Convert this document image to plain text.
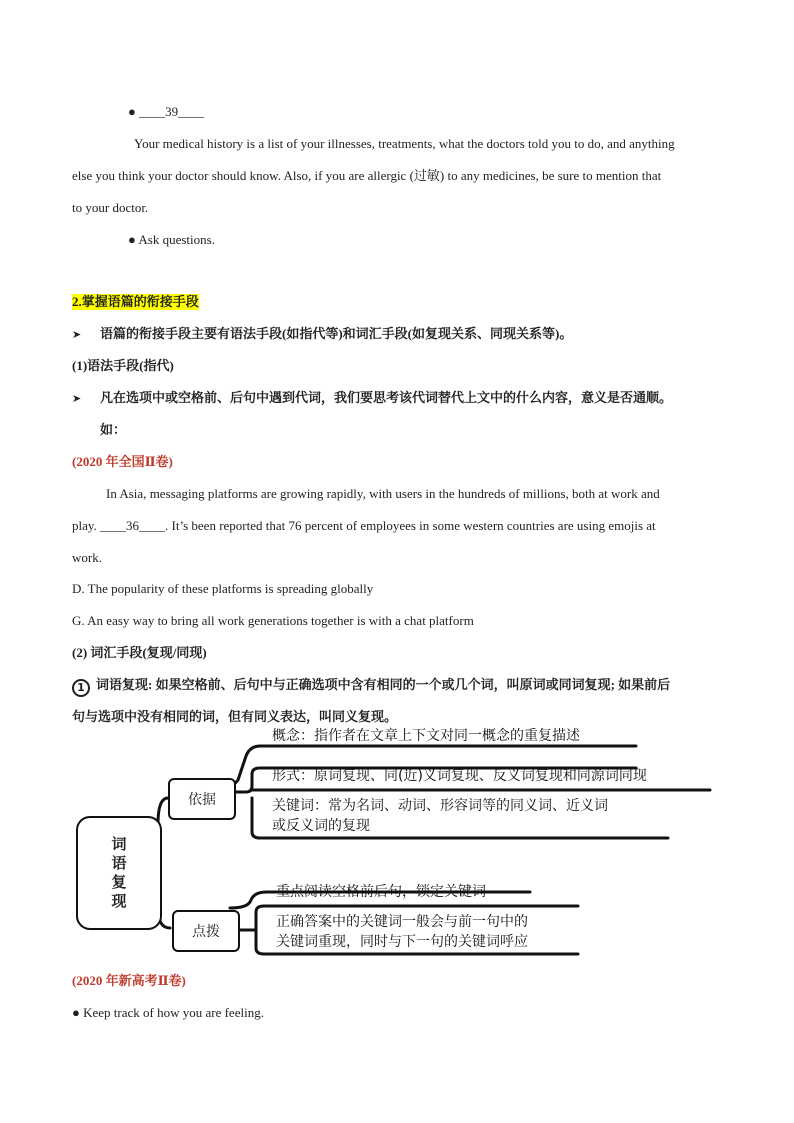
● ____39____
Your medical history is a list of your illnesses, treatments, what the doctors told you to do, and anything
else you think your doctor should know. Also, if you are allergic (过敏) to any medicines, be sure to mention that
to your doctor.
● Ask questions.
2.掌握语篇的衔接手段
➤ 语篇的衔接手段主要有语法手段(如指代等)和词汇手段(如复现关系、同现关系等)。
(1)语法手段(指代)
➤ 凡在选项中或空格前、后句中遇到代词，我们要思考该代词替代上文中的什么内容，意义是否通顺。
如：
(2020 年全国Ⅱ卷)
In Asia, messaging platforms are growing rapidly, with users in the hundreds of millions, both at work and
play. ____36____. It’s been reported that 76 percent of employees in some western countries are using emojis at
work.
D. The popularity of these platforms is spreading globally
G. An easy way to bring all work generations together is with a chat platform
(2) 词汇手段(复现/同现)
1 词语复现: 如果空格前、后句中与正确选项中含有相同的一个或几个词，叫原词或同词复现; 如果前后
句与选项中没有相同的词，但有同义表达，叫同义复现。
词
语
复
现
依据
点拨
概念：指作者在文章上下文对同一概念的重复描述
形式：原词复现、同(近)义词复现、反义词复现和同源词同现
关键词：常为名词、动词、形容词等的同义词、近义词
或反义词的复现
重点阅读空格前后句，锁定关键词
正确答案中的关键词一般会与前一句中的
关键词重现，同时与下一句的关键词呼应
(2020 年新高考Ⅱ卷)
● Keep track of how you are feeling.
